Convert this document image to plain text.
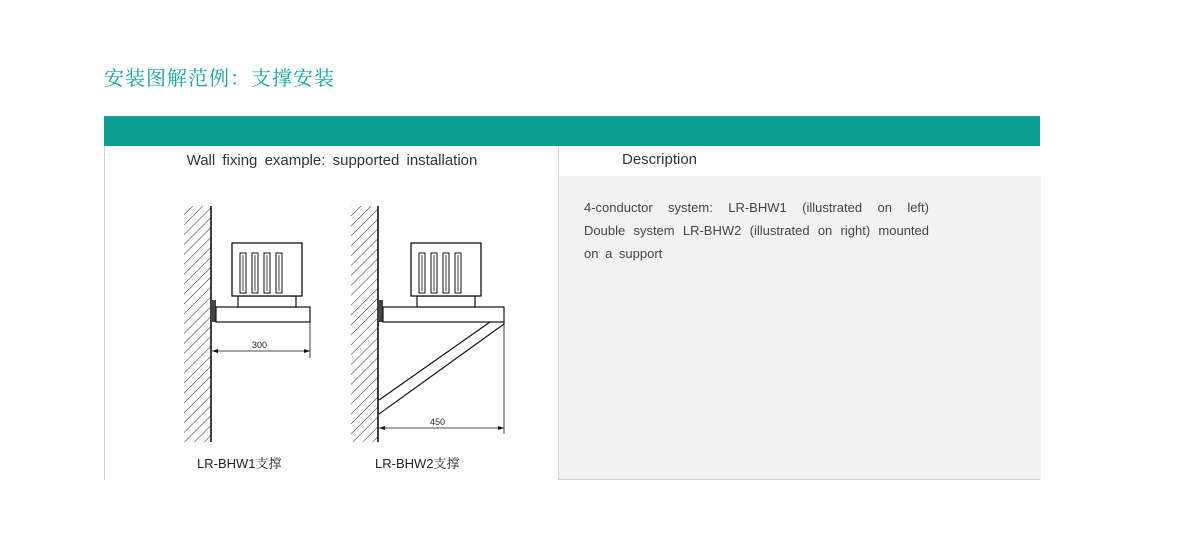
安装图解范例：支撑安装
Wall fixing example: supported installation	Description
4-conductor system: LR-BHW1 (illustrated on left) Double system LR-BHW2 (illustrated on right) mounted on a support
300
450
LR-BHW1支撑	LR-BHW2支撑
